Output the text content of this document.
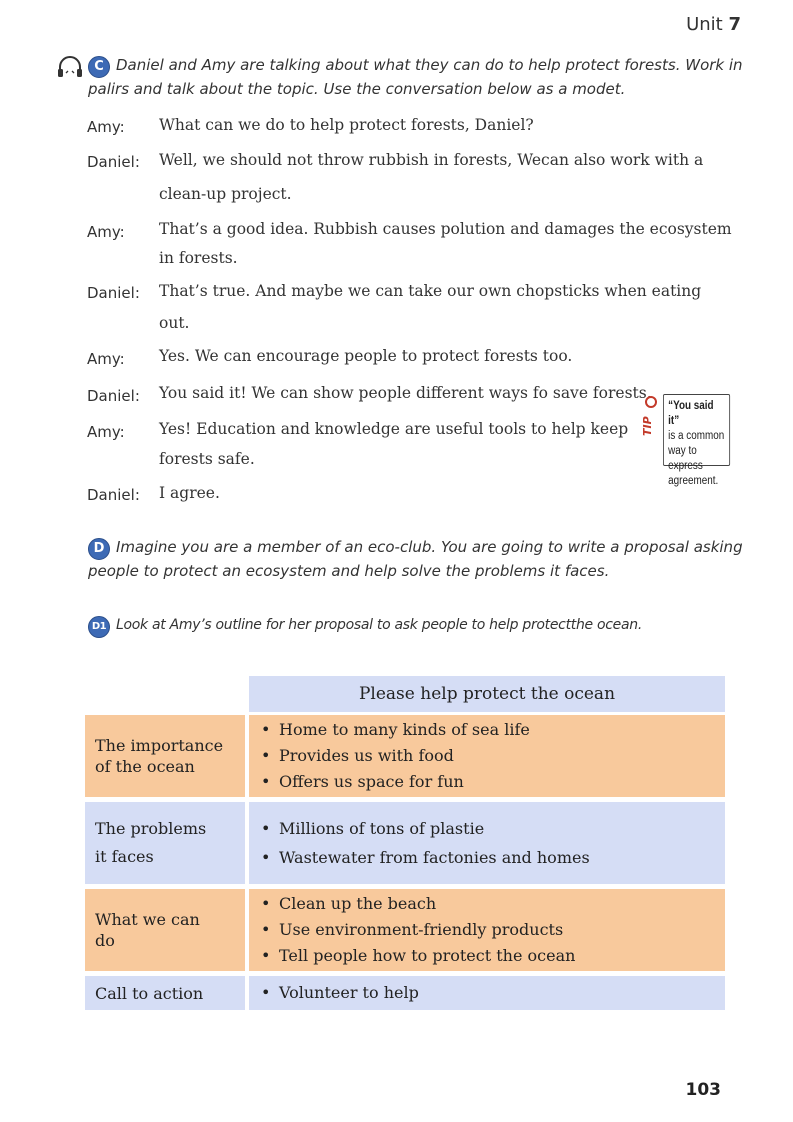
Unit 7
C Daniel and Amy are talking about what they can do to help protect forests. Work in palirs and talk about the topic. Use the conversation below as a modet.
Amy: What can we do to help protect forests, Daniel?
Daniel: Well, we should not throw rubbish in forests, Wecan also work with a
clean-up project.
Amy: That’s a good idea. Rubbish causes polution and damages the ecosystem
in forests.
Daniel: That’s true. And maybe we can take our own chopsticks when eating
out.
Amy: Yes. We can encourage people to protect forests too.
Daniel: You said it! We can show people different ways fo save forests.
Amy: Yes! Education and knowledge are useful tools to help keep
forests safe.
Daniel: I agree.
TIP
“You said it”
is a common
way to express
agreement.
D Imagine you are a member of an eco-club. You are going to write a proposal asking people to protect an ecosystem and help solve the problems it faces.
D1 Look at Amy’s outline for her proposal to ask people to help protectthe ocean.
Please help protect the ocean
The importance of the ocean
• Home to many kinds of sea life
• Provides us with food
• Offers us space for fun
The problems it faces
• Millions of tons of plastie
• Wastewater from factonies and homes
What we can do
• Clean up the beach
• Use environment-friendly products
• Tell people how to protect the ocean
Call to action
•	Volunteer to help
103
